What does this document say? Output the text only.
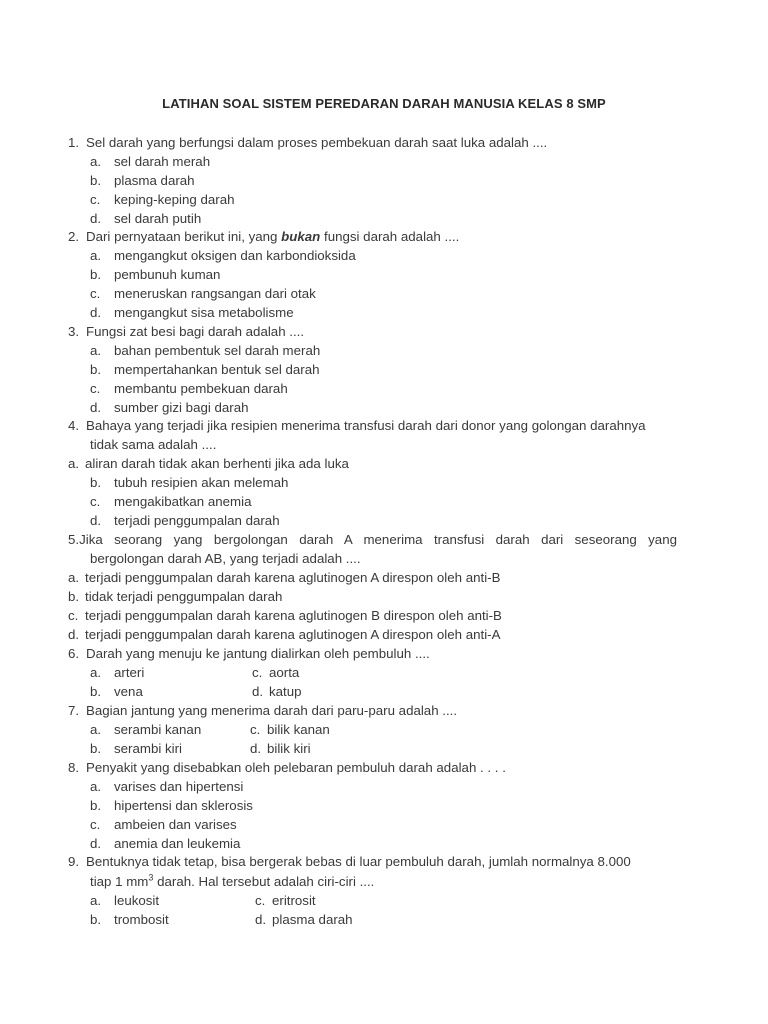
LATIHAN SOAL SISTEM PEREDARAN DARAH MANUSIA KELAS 8 SMP
1. Sel darah yang berfungsi dalam proses pembekuan darah saat luka adalah ....
a. sel darah merah
b. plasma darah
c. keping-keping darah
d. sel darah putih
2. Dari pernyataan berikut ini, yang bukan fungsi darah adalah ....
a. mengangkut oksigen dan karbondioksida
b. pembunuh kuman
c. meneruskan rangsangan dari otak
d. mengangkut sisa metabolisme
3. Fungsi zat besi bagi darah adalah ....
a. bahan pembentuk sel darah merah
b. mempertahankan bentuk sel darah
c. membantu pembekuan darah
d. sumber gizi bagi darah
4. Bahaya yang terjadi jika resipien menerima transfusi darah dari donor yang golongan darahnya
tidak sama adalah ....
a. aliran darah tidak akan berhenti jika ada luka
b. tubuh resipien akan melemah
c. mengakibatkan anemia
d. terjadi penggumpalan darah
5.Jika seorang yang bergolongan darah A menerima transfusi darah dari seseorang yang
bergolongan darah AB, yang terjadi adalah ....
a. terjadi penggumpalan darah karena aglutinogen A direspon oleh anti-B
b. tidak terjadi penggumpalan darah
c. terjadi penggumpalan darah karena aglutinogen B direspon oleh anti-B
d. terjadi penggumpalan darah karena aglutinogen A direspon oleh anti-A
6. Darah yang menuju ke jantung dialirkan oleh pembuluh ....
a. arteri	c. aorta
b. vena	d. katup
7. Bagian jantung yang menerima darah dari paru-paru adalah ....
a. serambi kanan	c. bilik kanan
b. serambi kiri	d. bilik kiri
8. Penyakit yang disebabkan oleh pelebaran pembuluh darah adalah . . . .
a. varises dan hipertensi
b. hipertensi dan sklerosis
c. ambeien dan varises
d. anemia dan leukemia
9. Bentuknya tidak tetap, bisa bergerak bebas di luar pembuluh darah, jumlah normalnya 8.000
tiap 1 $mm^3$ darah. Hal tersebut adalah ciri-ciri ....
a. leukosit	c. eritrosit
b. trombosit	d. plasma darah
